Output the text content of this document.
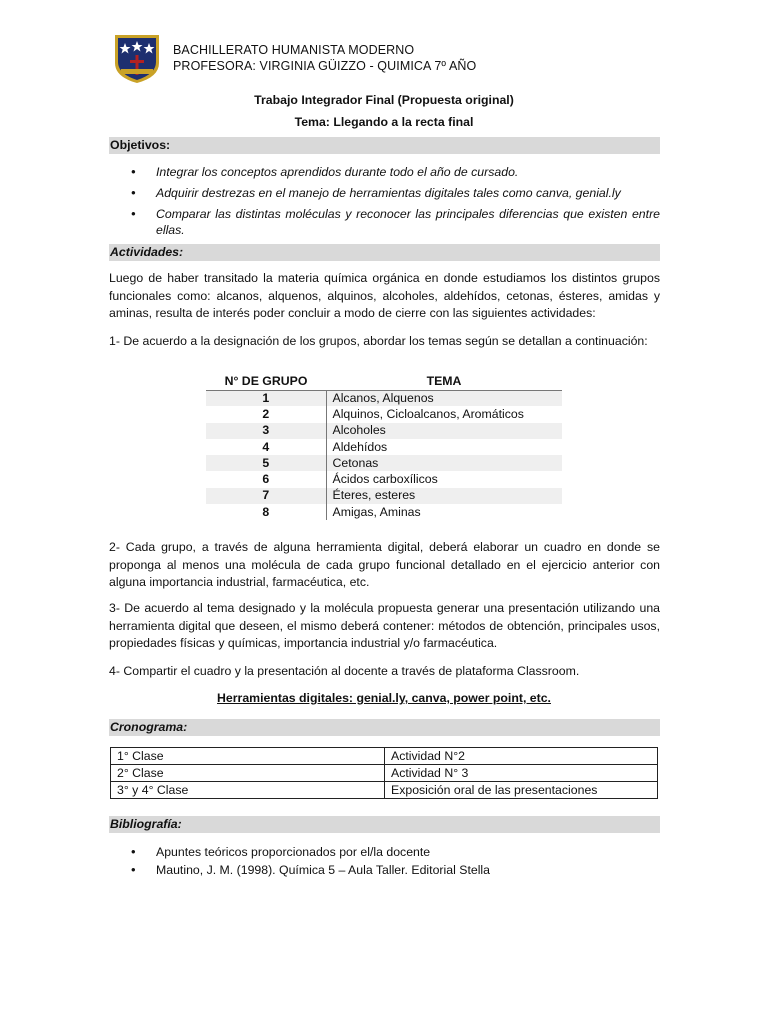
BACHILLERATO HUMANISTA MODERNO
PROFESORA: VIRGINIA GÜIZZO - QUIMICA 7º AÑO
Trabajo Integrador Final (Propuesta original)
Tema: Llegando a la recta final
Objetivos:
• Integrar los conceptos aprendidos durante todo el año de cursado.
• Adquirir destrezas en el manejo de herramientas digitales tales como canva, genial.ly
• Comparar las distintas moléculas y reconocer las principales diferencias que existen entre ellas.
Actividades:
Luego de haber transitado la materia química orgánica en donde estudiamos los distintos grupos funcionales como: alcanos, alquenos, alquinos, alcoholes, aldehídos, cetonas, ésteres, amidas y aminas, resulta de interés poder concluir a modo de cierre con las siguientes actividades:
1- De acuerdo a la designación de los grupos, abordar los temas según se detallan a continuación:
N° DE GRUPO	TEMA
1	Alcanos, Alquenos
2	Alquinos, Cicloalcanos, Aromáticos
3	Alcoholes
4	Aldehídos
5	Cetonas
6	Ácidos carboxílicos
7	Éteres, esteres
8	Amigas, Aminas
2- Cada grupo, a través de alguna herramienta digital, deberá elaborar un cuadro en donde se proponga al menos una molécula de cada grupo funcional detallado en el ejercicio anterior con alguna importancia industrial, farmacéutica, etc.
3- De acuerdo al tema designado y la molécula propuesta generar una presentación utilizando una herramienta digital que deseen, el mismo deberá contener: métodos de obtención, principales usos, propiedades físicas y químicas, importancia industrial y/o farmacéutica.
4- Compartir el cuadro y la presentación al docente a través de plataforma Classroom.
Herramientas digitales: genial.ly, canva, power point, etc.
Cronograma:
1° Clase	Actividad N°2
2° Clase	Actividad N° 3
3° y 4° Clase	Exposición oral de las presentaciones
Bibliografía:
• Apuntes teóricos proporcionados por el/la docente
• Mautino, J. M. (1998). Química 5 – Aula Taller. Editorial Stella
